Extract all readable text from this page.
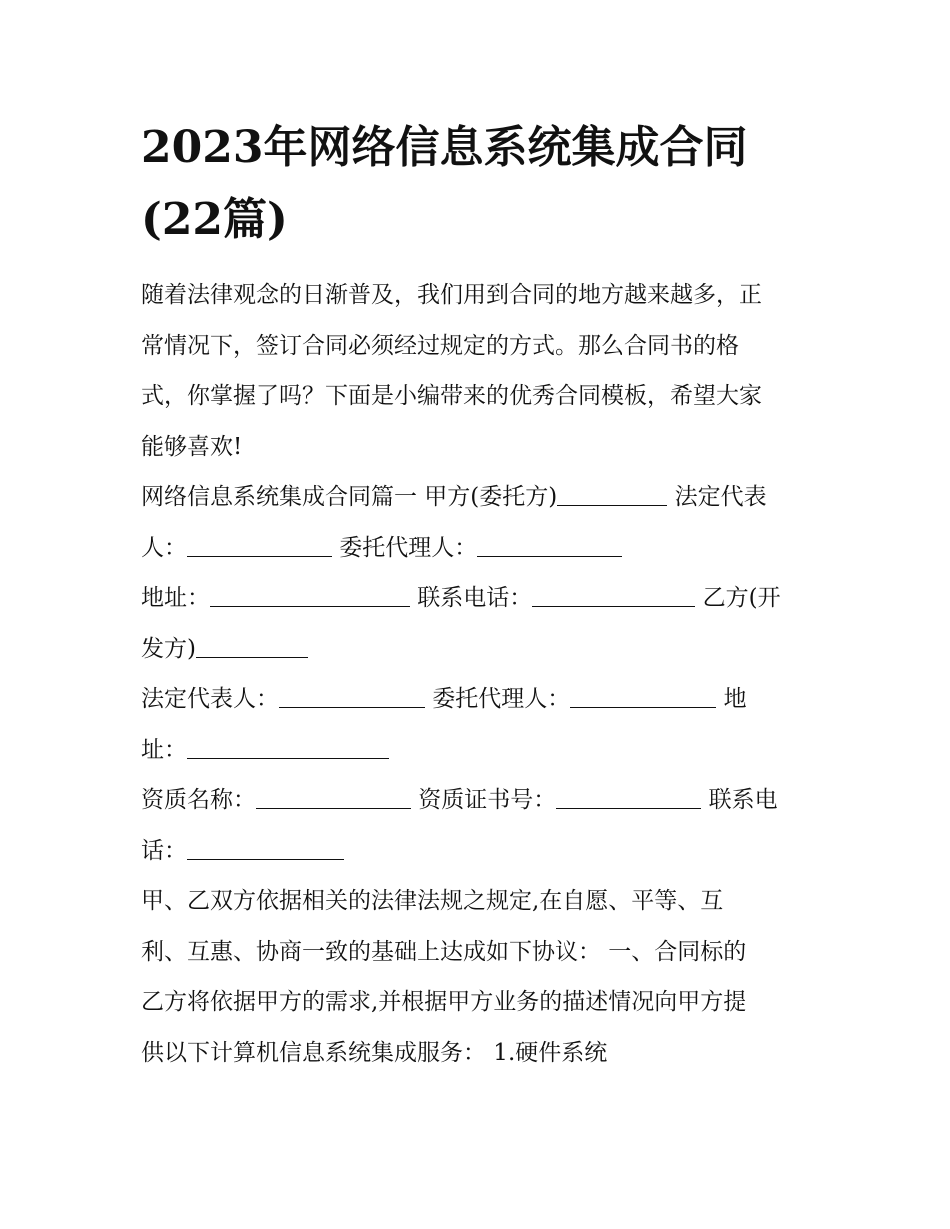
2023年网络信息系统集成合同
(22篇)
随着法律观念的日渐普及，我们用到合同的地方越来越多，正
常情况下，签订合同必须经过规定的方式。那么合同书的格
式，你掌握了吗？下面是小编带来的优秀合同模板，希望大家
能够喜欢!
网络信息系统集成合同篇一 甲方(委托方)	法定代表
人：	委托代理人：
地址：	联系电话：	乙方(开
发方)
法定代表人：	委托代理人：	地
址：
资质名称：	资质证书号：	联系电
话：
甲、乙双方依据相关的法律法规之规定,在自愿、平等、互
利、互惠、协商一致的基础上达成如下协议： 一、合同标的
乙方将依据甲方的需求,并根据甲方业务的描述情况向甲方提
供以下计算机信息系统集成服务： 1.硬件系统
